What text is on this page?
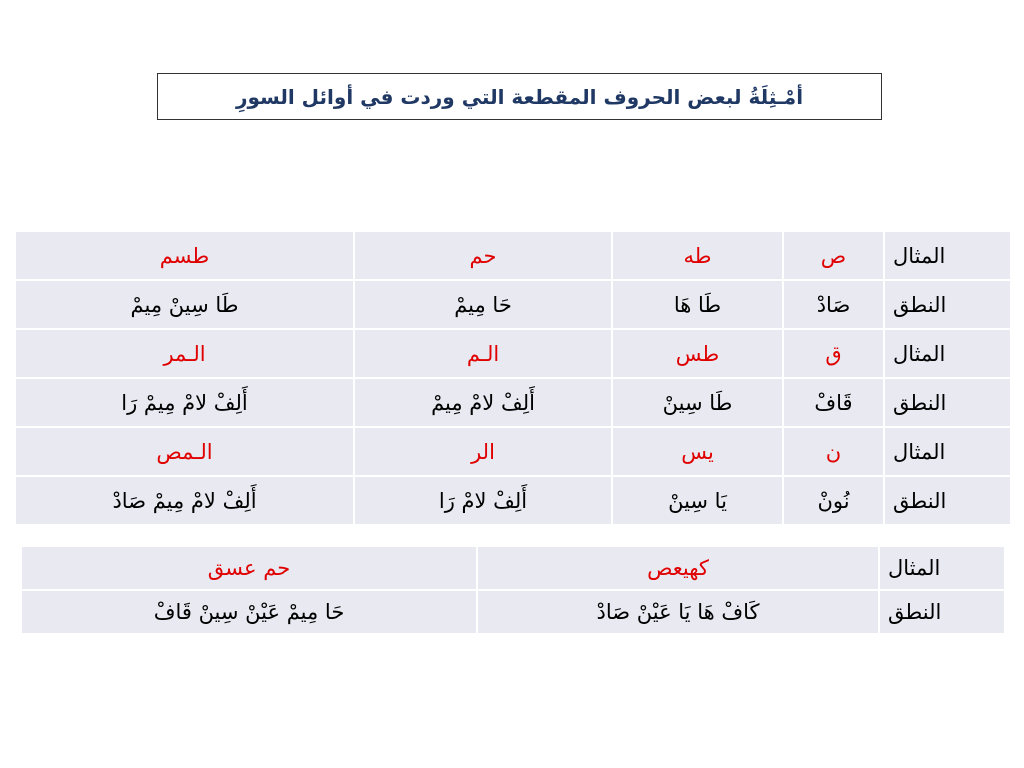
أمْـثِلَةُ لبعض الحروف المقطعة التي وردت في أوائل السورِ
المثال	ص	طه	حم	طسم
النطق	صَادْ	طَا هَا	حَا مِيمْ	طَا سِينْ مِيمْ
المثال	ق	طس	الـم	الـمر
النطق	قَافْ	طَا سِينْ	أَلِفْ لامْ مِيمْ	أَلِفْ لامْ مِيمْ رَا
المثال	ن	يس	الر	الـمص
النطق	نُونْ	يَا سِينْ	أَلِفْ لامْ رَا	أَلِفْ لامْ مِيمْ صَادْ
المثال	كهيعص	حم عسق
النطق	كَافْ هَا يَا عَيْنْ صَادْ	حَا مِيمْ عَيْنْ سِينْ قَافْ
